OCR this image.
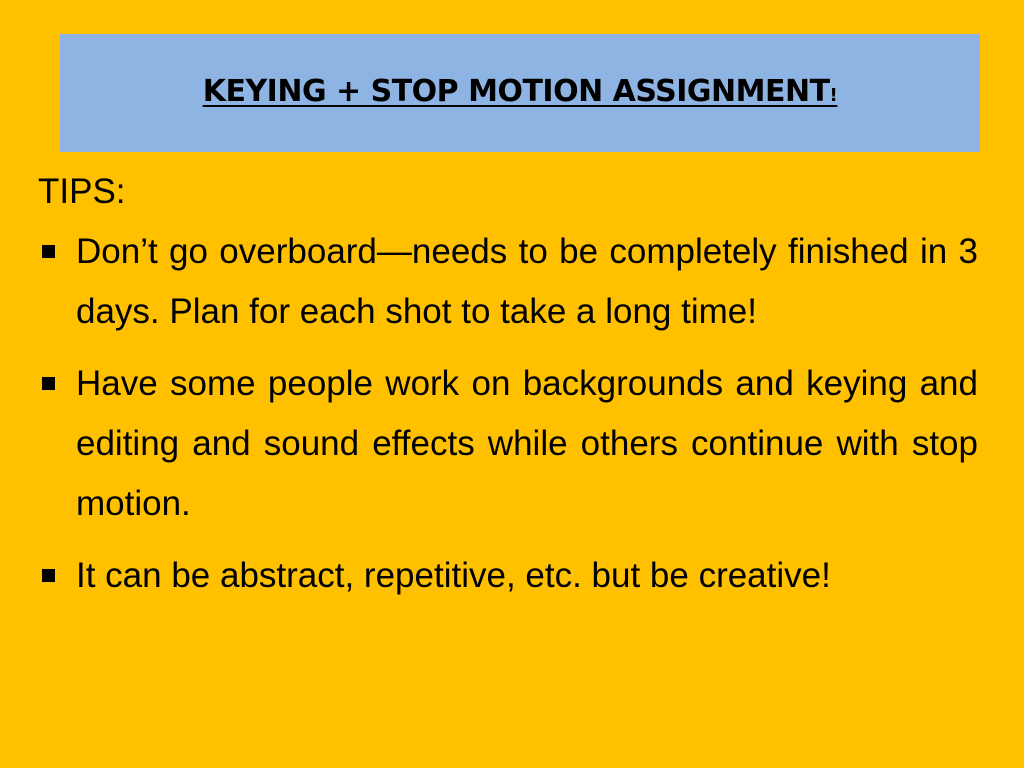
KEYING + STOP MOTION ASSIGNMENT!
TIPS:
Don’t go overboard—needs to be completely finished in 3 days. Plan for each shot to take a long time!
Have some people work on backgrounds and keying and editing and sound effects while others continue with stop motion.
It can be abstract, repetitive, etc. but be creative!
